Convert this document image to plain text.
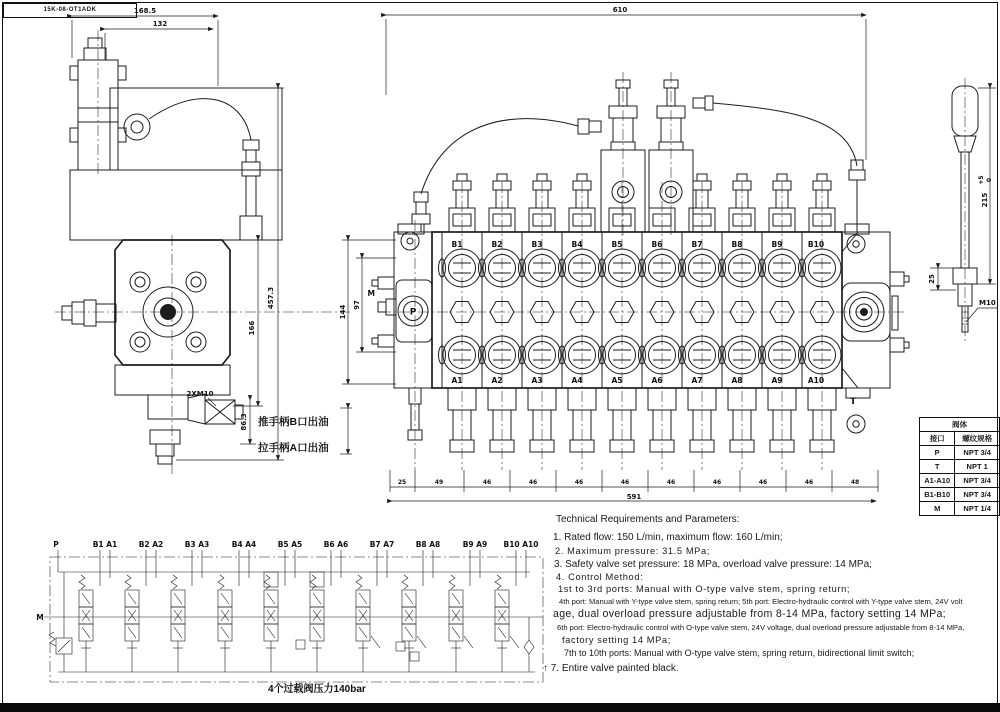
15K-08-OT1ADK	168.5
132
2XM10
457.3
166
86.3
610
B1	B2	B3	B4	B5	B6	B7	B8	B9	B10
A1	A2	A3	A4	A5	A6	A7	A8	A9	A10
P
M
144 97
T
25	49	46	46	46	46	46	46	46	46	48
591
215
+5 0
25
M10
P
M
B1 A1	B2 A2	B3 A3	B4 A4	B5 A5	B6 A6	B7 A7	B8 A8	B9 A9 B10 A10
4个过载阀压力140bar
推手柄B口出油
拉手柄A口出油
阀体	
接口	螺纹规格
P	NPT 3/4
T	NPT 1
A1-A10	NPT 3/4
B1-B10	NPT 3/4
M	NPT 1/4
Technical Requirements and Parameters:
1. Rated flow: 150 L/min, maximum flow: 160 L/min;
2. Maximum pressure: 31.5 MPa;
3. Safety valve set pressure: 18 MPa, overload valve pressure: 14 MPa;
4. Control Method:
1st to 3rd ports: Manual with O-type valve stem, spring return;
4th port: Manual with Y-type valve stem, spring return; 5th port: Electro-hydraulic control with Y-type valve stem, 24V volt
age, dual overload pressure adjustable from 8-14 MPa, factory setting 14 MPa;
6th port: Electro-hydraulic control with O-type valve stem, 24V voltage, dual overload pressure adjustable from 8-14 MPa,
factory setting 14 MPa;
7th to 10th ports: Manual with O-type valve stem, spring return, bidirectional limit switch;
↑ 7. Entire valve painted black.
